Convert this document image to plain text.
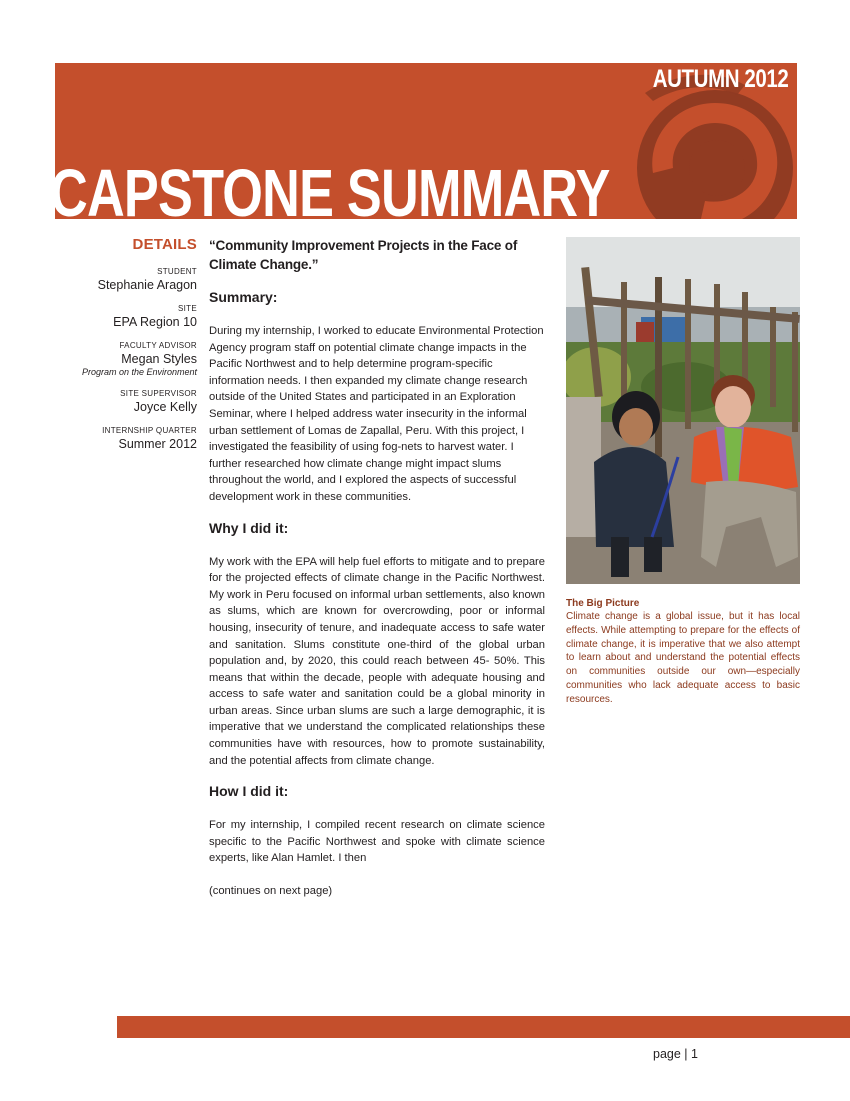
AUTUMN 2012
CAPSTONE SUMMARY
DETAILS
STUDENT
Stephanie Aragon
SITE
EPA Region 10
FACULTY ADVISOR
Megan Styles
Program on the Environment
SITE SUPERVISOR
Joyce Kelly
INTERNSHIP QUARTER
Summer 2012
“Community Improvement Projects in the Face of Climate Change.”
Summary:

During my internship, I worked to educate Environmental Protection Agency program staff on potential climate change impacts in the Pacific Northwest and to help determine program-specific information needs. I then expanded my climate change research outside of the United States and participated in an Exploration Seminar, where I helped address water insecurity in the informal urban settlement of Lomas de Zapallal, Peru. With this project, I investigated the feasibility of using fog-nets to harvest water. I further researched how climate change might impact slums throughout the world, and I explored the aspects of successful development work in these communities.

Why I did it:

My work with the EPA will help fuel efforts to mitigate and to prepare for the projected effects of climate change in the Pacific Northwest. My work in Peru focused on informal urban settlements, also known as slums, which are known for overcrowding, poor or informal housing, insecurity of tenure, and inadequate access to safe water and sanitation. Slums constitute one-third of the global urban population and, by 2020, this could reach between 45- 50%. This means that within the decade, people with adequate housing and access to safe water and sanitation could be a global minority in urban areas. Since urban slums are such a large demographic, it is imperative that we understand the complicated relationships these communities have with resources, how to promote sustainability, and the potential affects from climate change.

How I did it:

For my internship, I compiled recent research on climate science specific to the Pacific Northwest and spoke with climate science experts, like Alan Hamlet. I then

(continues on next page)
The Big Picture

Climate change is a global issue, but it has local effects. While attempting to prepare for the effects of climate change, it is imperative that we also attempt to learn about and understand the potential effects on communities outside our own—especially communities who lack adequate access to basic resources.

page | 1
